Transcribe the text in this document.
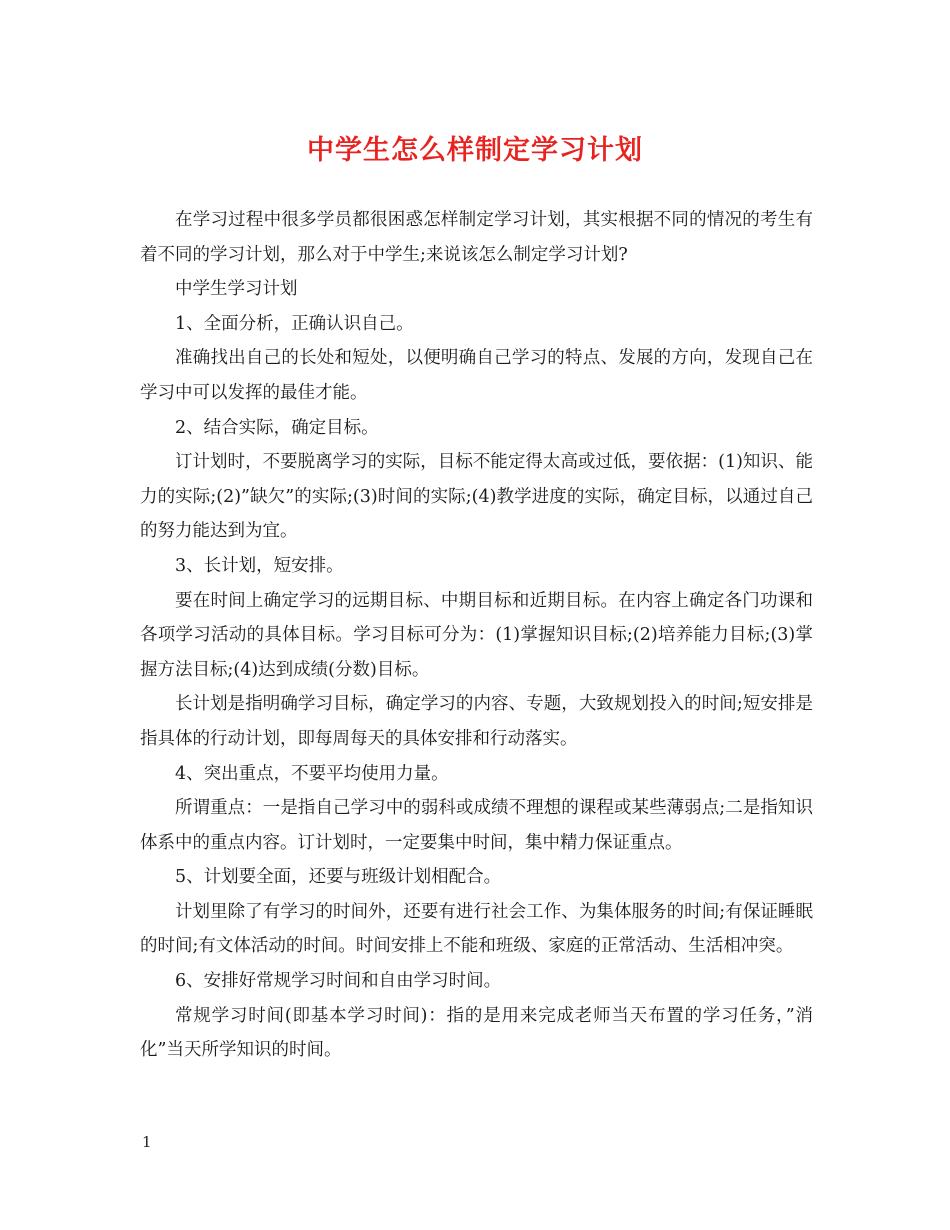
中学生怎么样制定学习计划

在学习过程中很多学员都很困惑怎样制定学习计划，其实根据不同的情况的考生有着不同的学习计划，那么对于中学生;来说该怎么制定学习计划?

中学生学习计划

1、全面分析，正确认识自己。

准确找出自己的长处和短处，以便明确自己学习的特点、发展的方向，发现自己在学习中可以发挥的最佳才能。

2、结合实际，确定目标。

订计划时，不要脱离学习的实际，目标不能定得太高或过低，要依据：(1)知识、能力的实际;(2)”缺欠”的实际;(3)时间的实际;(4)教学进度的实际，确定目标，以通过自己的努力能达到为宜。

3、长计划，短安排。

要在时间上确定学习的远期目标、中期目标和近期目标。在内容上确定各门功课和各项学习活动的具体目标。学习目标可分为：(1)掌握知识目标;(2)培养能力目标;(3)掌握方法目标;(4)达到成绩(分数)目标。

长计划是指明确学习目标，确定学习的内容、专题，大致规划投入的时间;短安排是指具体的行动计划，即每周每天的具体安排和行动落实。

4、突出重点，不要平均使用力量。

所谓重点：一是指自己学习中的弱科或成绩不理想的课程或某些薄弱点;二是指知识体系中的重点内容。订计划时，一定要集中时间，集中精力保证重点。

5、计划要全面，还要与班级计划相配合。

计划里除了有学习的时间外，还要有进行社会工作、为集体服务的时间;有保证睡眠的时间;有文体活动的时间。时间安排上不能和班级、家庭的正常活动、生活相冲突。

6、安排好常规学习时间和自由学习时间。

常规学习时间(即基本学习时间)：指的是用来完成老师当天布置的学习任务，”消化”当天所学知识的时间。

1
